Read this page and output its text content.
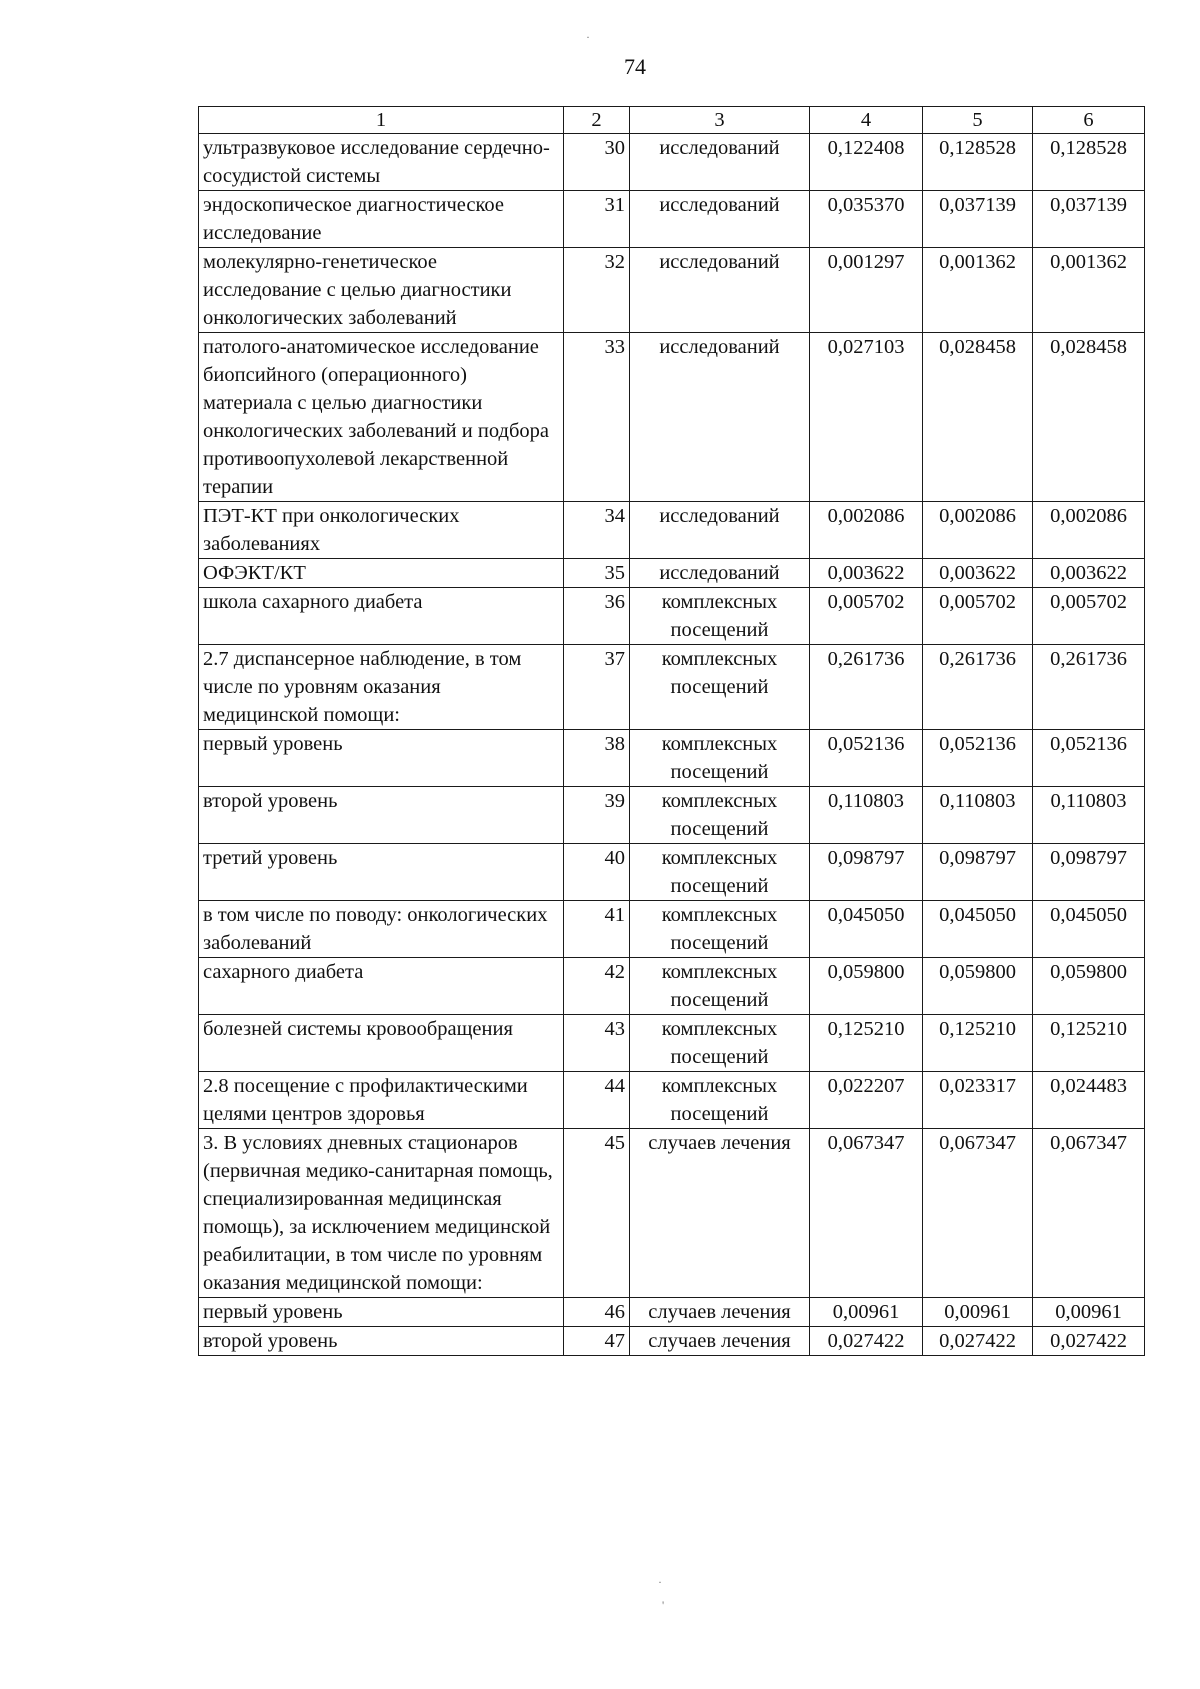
74
·
·
'
1	2	3	4	5	6
ультразвуковое исследование сердечно-сосудистой системы	30	исследований	0,122408	0,128528	0,128528
эндоскопическое диагностическое исследование	31	исследований	0,035370	0,037139	0,037139
молекулярно-генетическое исследование с целью диагностики онкологических заболеваний	32	исследований	0,001297	0,001362	0,001362
патолого-анатомическое исследование биопсийного (операционного) материала с целью диагностики онкологических заболеваний и подбора противоопухолевой лекарственной терапии	33	исследований	0,027103	0,028458	0,028458
ПЭТ-КТ при онкологических заболеваниях	34	исследований	0,002086	0,002086	0,002086
ОФЭКТ/КТ	35	исследований	0,003622	0,003622	0,003622
школа сахарного диабета	36	комплексных посещений	0,005702	0,005702	0,005702
2.7 диспансерное наблюдение, в том числе по уровням оказания медицинской помощи:	37	комплексных посещений	0,261736	0,261736	0,261736
первый уровень	38	комплексных посещений	0,052136	0,052136	0,052136
второй уровень	39	комплексных посещений	0,110803	0,110803	0,110803
третий уровень	40	комплексных посещений	0,098797	0,098797	0,098797
в том числе по поводу: онкологических заболеваний	41	комплексных посещений	0,045050	0,045050	0,045050
сахарного диабета	42	комплексных посещений	0,059800	0,059800	0,059800
болезней системы кровообращения	43	комплексных посещений	0,125210	0,125210	0,125210
2.8 посещение с профилактическими целями центров здоровья	44	комплексных посещений	0,022207	0,023317	0,024483
3. В условиях дневных стационаров (первичная медико-санитарная помощь, специализированная медицинская помощь), за исключением медицинской реабилитации, в том числе по уровням оказания медицинской помощи:	45	случаев лечения	0,067347	0,067347	0,067347
первый уровень	46	случаев лечения	0,00961	0,00961	0,00961
второй уровень	47	случаев лечения	0,027422	0,027422	0,027422
